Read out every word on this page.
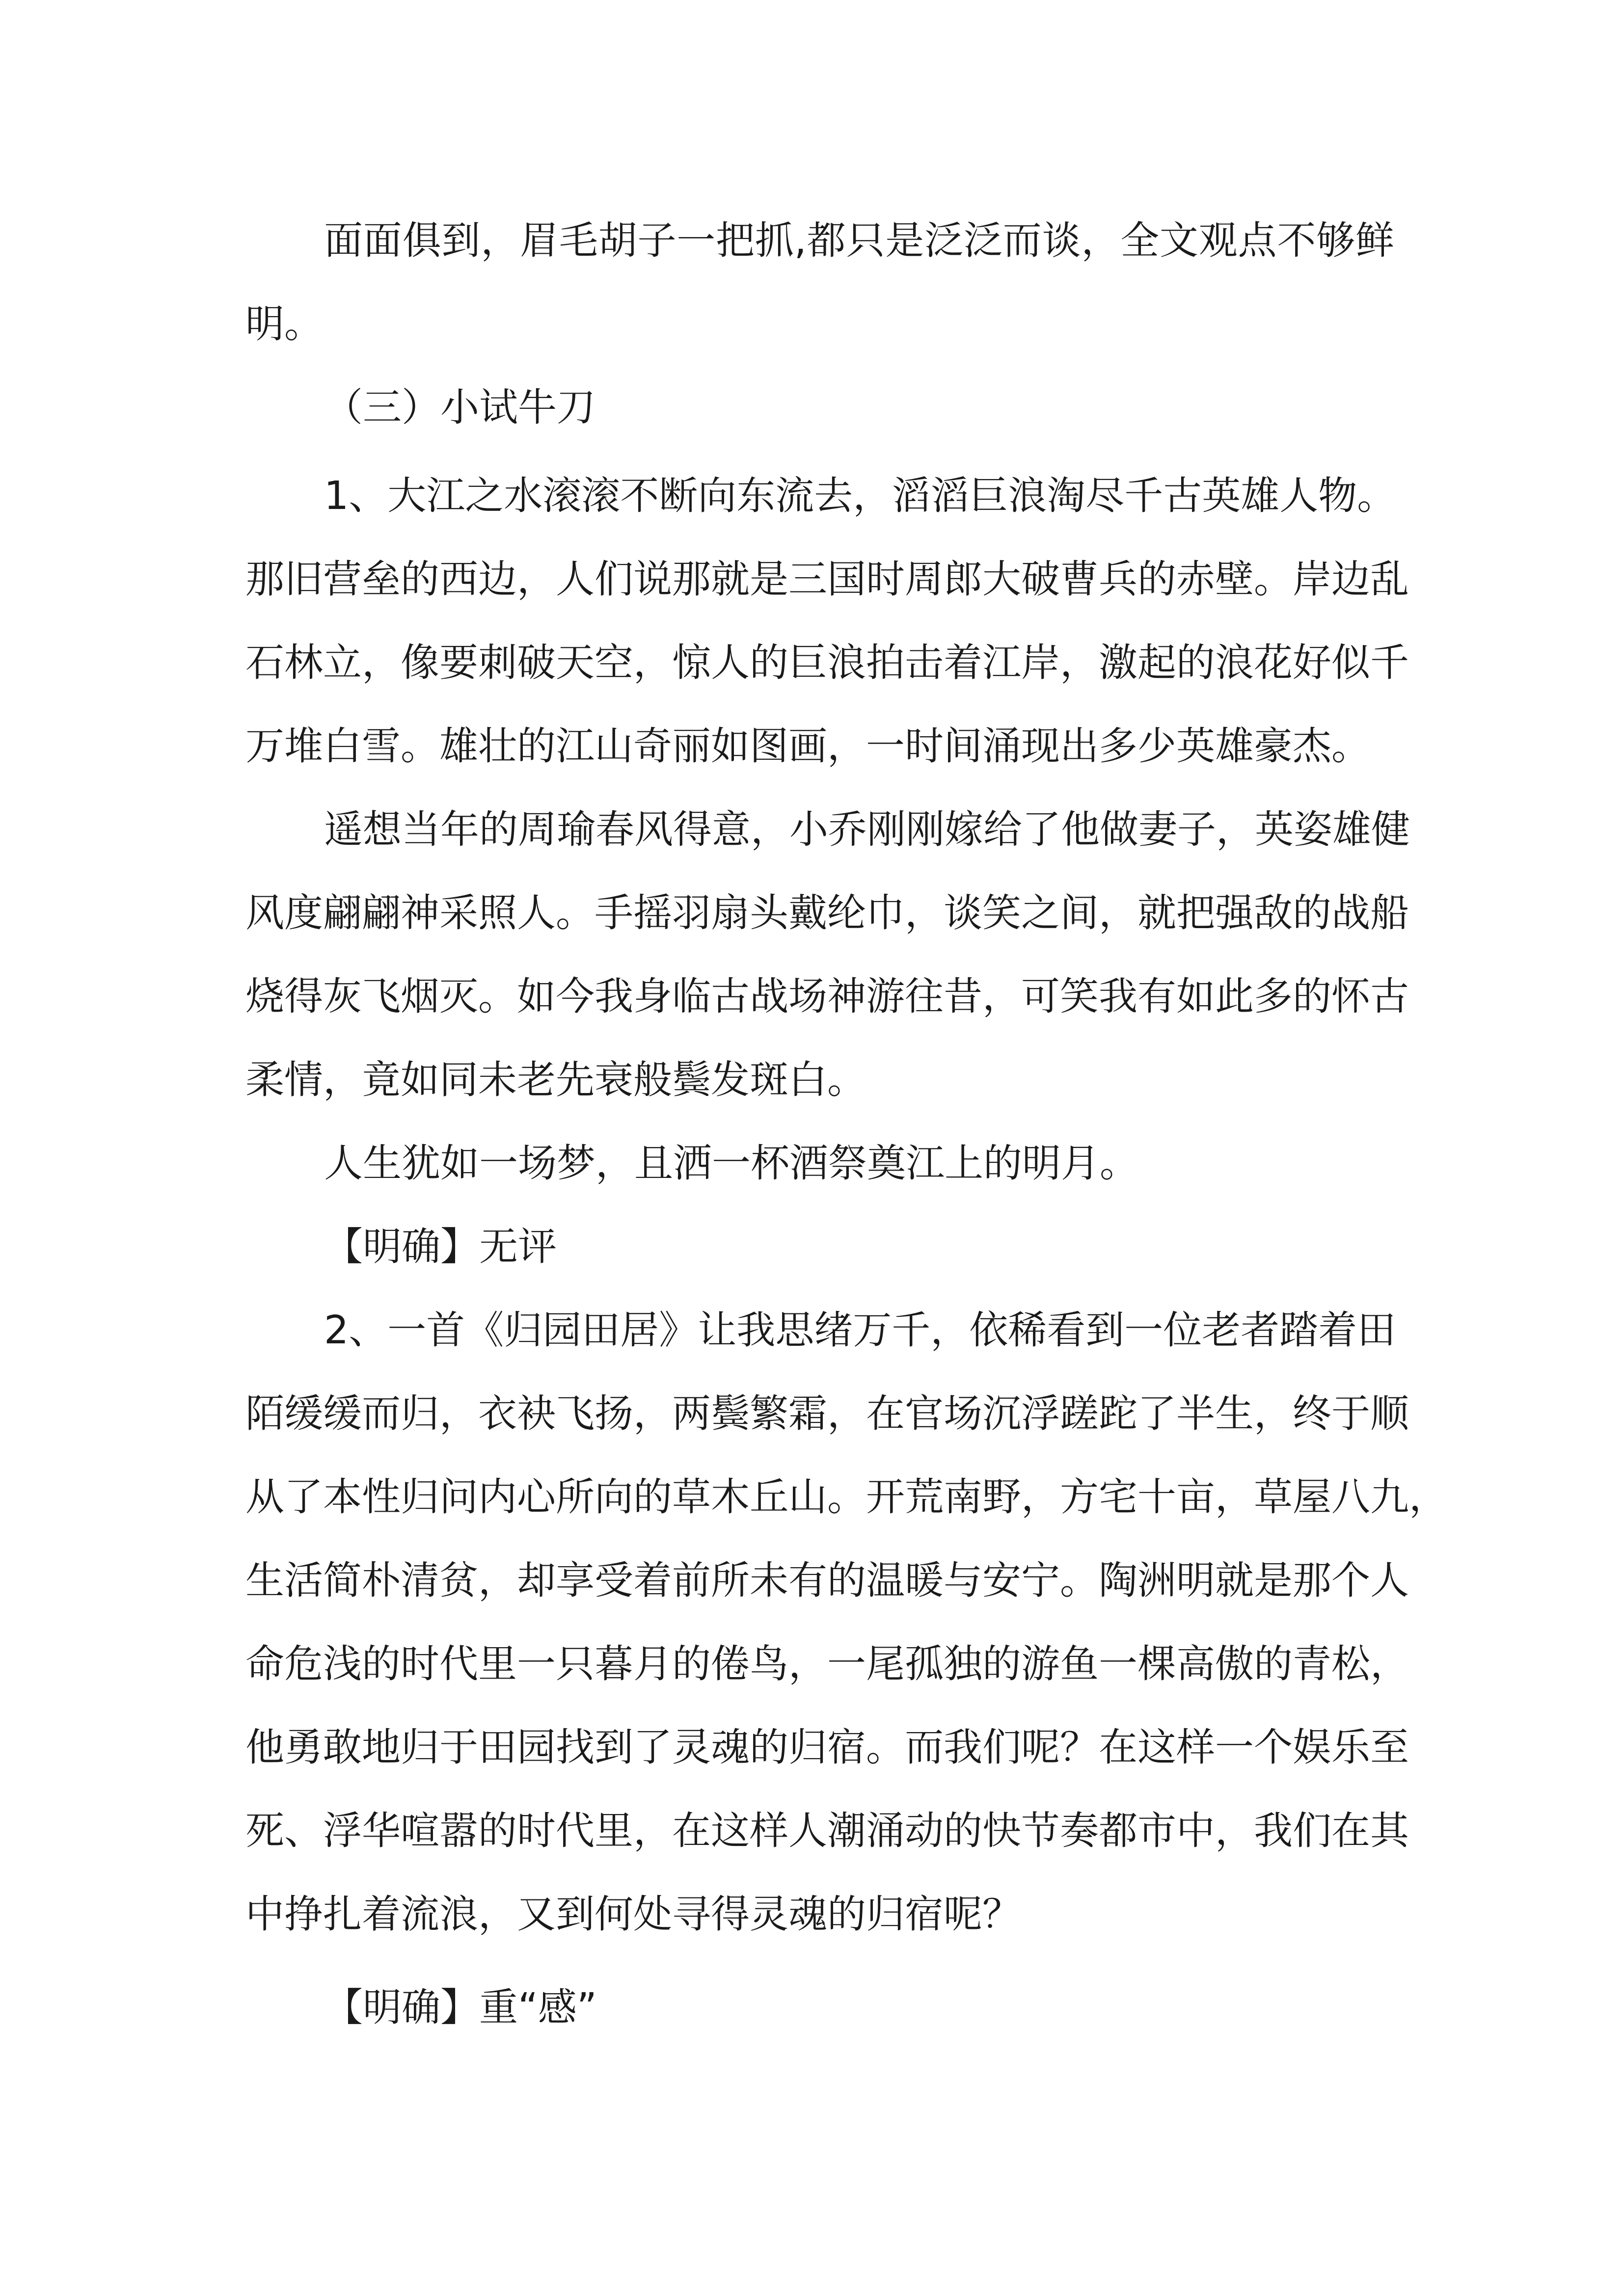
面面俱到，眉毛胡子一把抓,都只是泛泛而谈，全文观点不够鲜
明。
（三）小试牛刀
1、大江之水滚滚不断向东流去，滔滔巨浪淘尽千古英雄人物。
那旧营垒的西边，人们说那就是三国时周郎大破曹兵的赤壁。岸边乱
石林立，像要刺破天空，惊人的巨浪拍击着江岸，激起的浪花好似千
万堆白雪。雄壮的江山奇丽如图画，一时间涌现出多少英雄豪杰。
遥想当年的周瑜春风得意，小乔刚刚嫁给了他做妻子，英姿雄健
风度翩翩神采照人。手摇羽扇头戴纶巾，谈笑之间，就把强敌的战船
烧得灰飞烟灭。如今我身临古战场神游往昔，可笑我有如此多的怀古
柔情，竟如同未老先衰般鬓发斑白。
人生犹如一场梦，且洒一杯酒祭奠江上的明月。
【明确】无评
2、一首《归园田居》让我思绪万千，依稀看到一位老者踏着田
陌缓缓而归，衣袂飞扬，两鬓繁霜，在官场沉浮蹉跎了半生，终于顺
从了本性归问内心所向的草木丘山。开荒南野，方宅十亩，草屋八九，
生活简朴清贫，却享受着前所未有的温暖与安宁。陶洲明就是那个人
命危浅的时代里一只暮月的倦鸟，一尾孤独的游鱼一棵高傲的青松，
他勇敢地归于田园找到了灵魂的归宿。而我们呢？在这样一个娱乐至
死、浮华喧嚣的时代里，在这样人潮涌动的快节奏都市中，我们在其
中挣扎着流浪，又到何处寻得灵魂的归宿呢？
【明确】重“感”
